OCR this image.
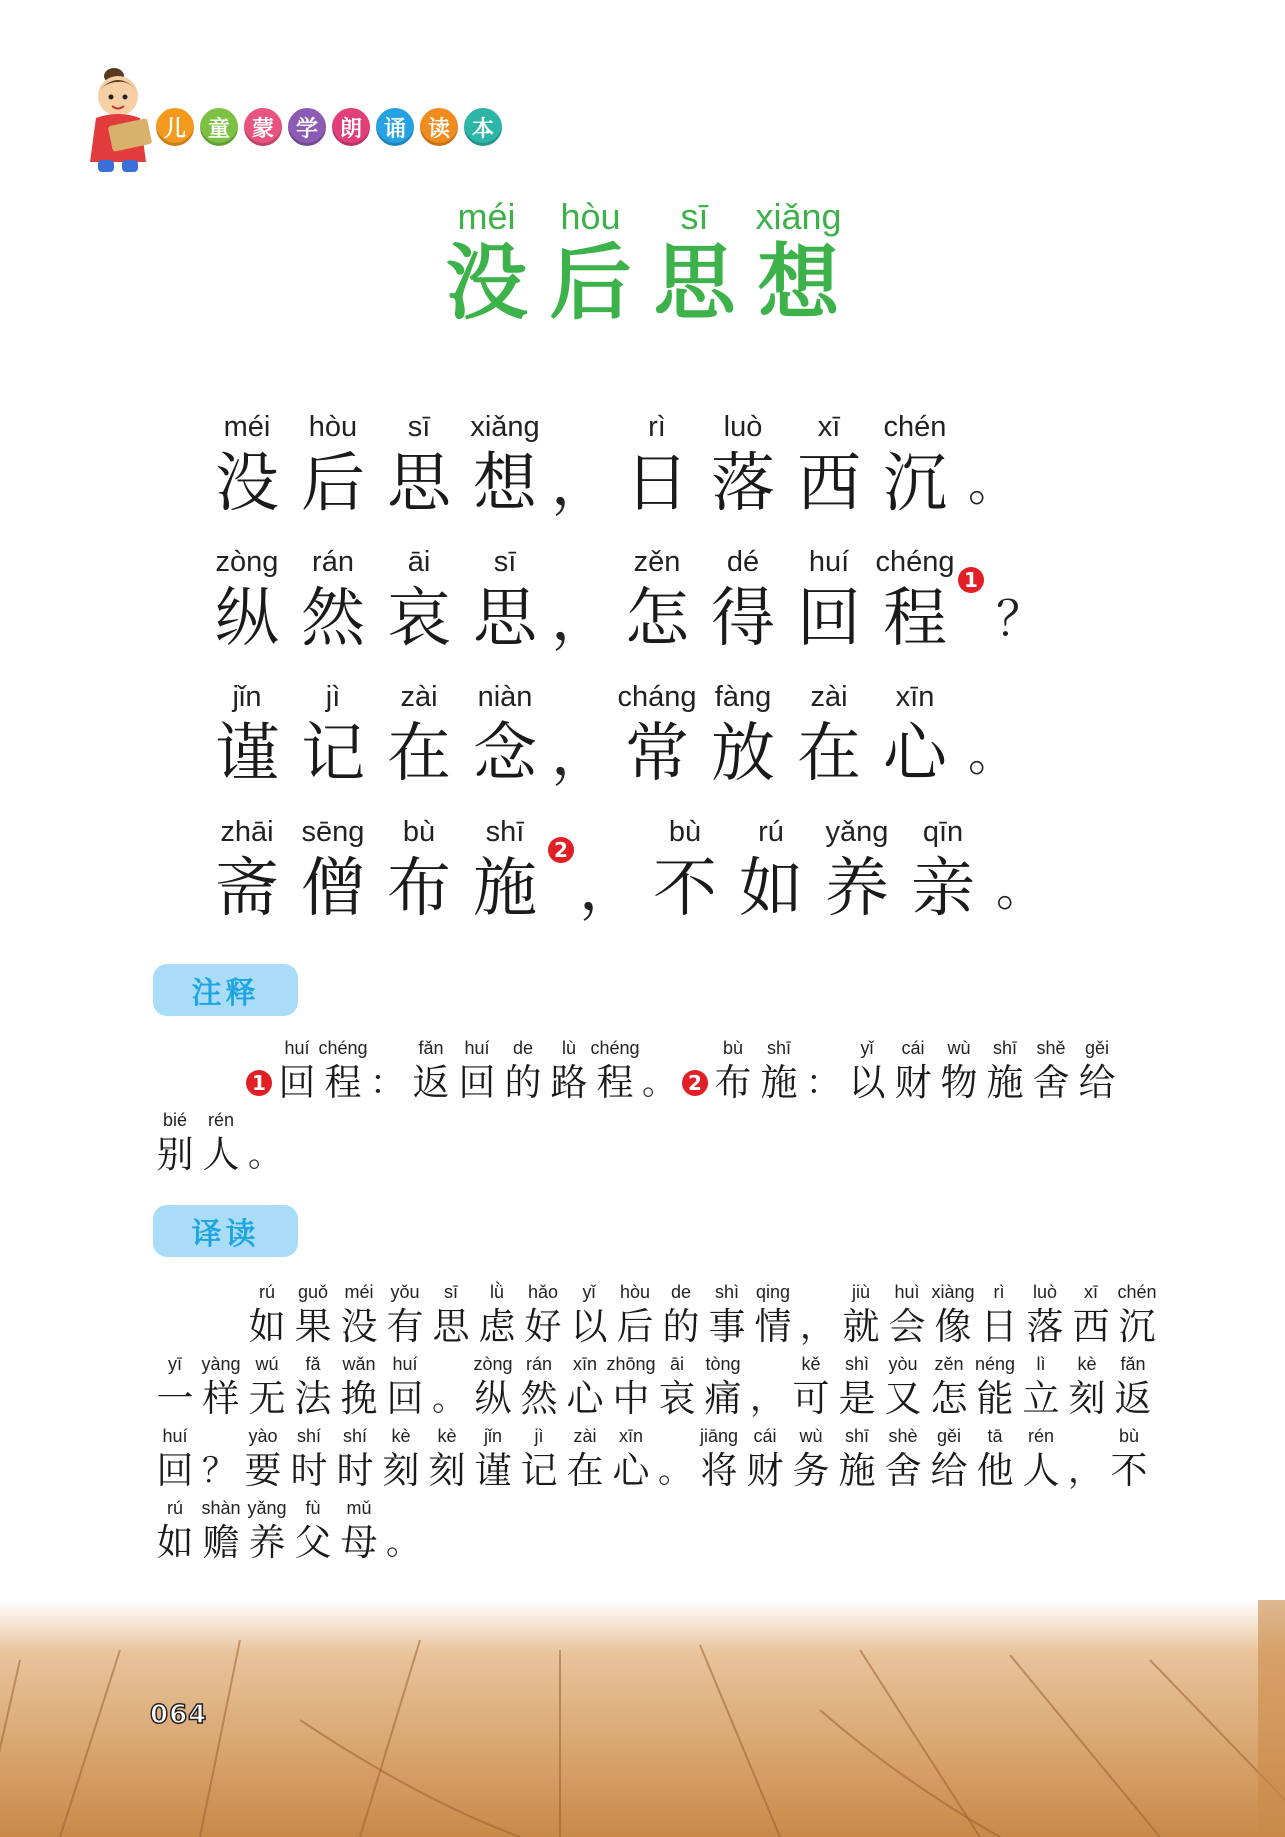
儿 童 蒙 学 朗 诵 读 本
méi
没
hòu
后
sī
思
xiǎng
想
méi
没
hòu
后
sī
思
xiǎng
想 ，
rì
日
luò
落
xī
西
chén
沉 。
zòng
纵
rán
然
āi
哀
sī
思 ，
zěn
怎
dé
得
huí
回
chéng
程
1
？
jǐn
谨
jì
记
zài
在
niàn
念 ，
cháng
常
fàng
放
zài
在
xīn
心 。
zhāi
斋
sēng
僧
bù
布
shī
施
2
，
bù
不
rú
如
yǎng
养
qīn
亲 。
注释
1
huí
回
chéng
程 ：
fǎn
返
huí
回
de
的
lù
路
chéng
程 。 2
bù
布
shī
施 ：
yǐ
以
cái
财
wù
物
shī
施
shě
舍
gěi
给
bié
别
rén
人 。
译读
rú
如
guǒ
果
méi
没
yǒu
有
sī
思
lǜ
虑
hǎo
好
yǐ
以
hòu
后
de
的
shì
事
qing
情 ，
jiù
就
huì
会
xiàng
像
rì
日
luò
落
xī
西
chén
沉
yī
一
yàng
样
wú
无
fǎ
法
wǎn
挽
huí
回 。
zòng
纵
rán
然
xīn
心
zhōng
中
āi
哀
tòng
痛 ，
kě
可
shì
是
yòu
又
zěn
怎
néng
能
lì
立
kè
刻
fǎn
返
huí
回 ？
yào
要
shí
时
shí
时
kè
刻
kè
刻
jǐn
谨
jì
记
zài
在
xīn
心 。
jiāng
将
cái
财
wù
务
shī
施
shè
舍
gěi
给
tā
他
rén
人 ，
bù
不
rú
如
shàn
赡
yǎng
养
fù
父
mǔ
母 。
064
